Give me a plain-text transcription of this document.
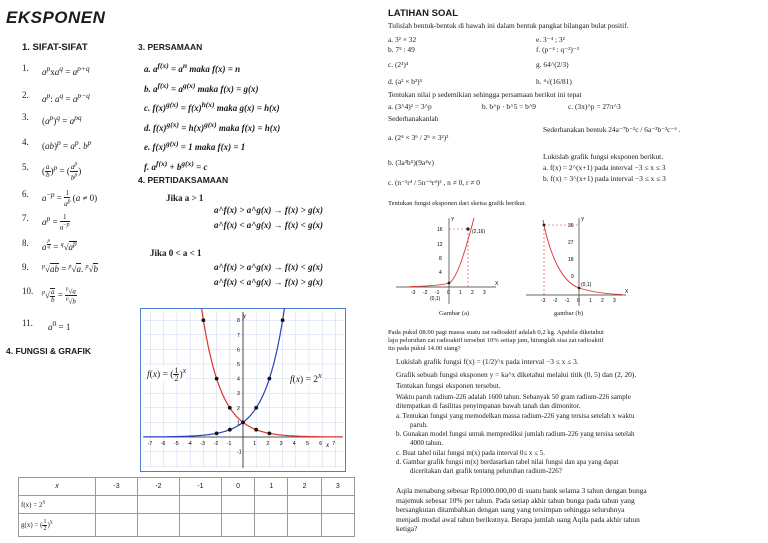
EKSPONEN
1. SIFAT-SIFAT
1. $a^pxa^q = a^{p+q}$
2. $a^p$: $a^q = a^{p-q}$
3. $(a^p)^q = a^{pq}$
4. $(ab)^p = a^p$. $b^p$
5. ( $\frac{a}{b} )^p$ = ( $\frac{a^p}{b^p}$ )
6. $a^{-p} = \frac{1}{a^p} (a \ne 0)$
7. $a^p = \frac{1}{a^{-p}}$
8. a $^{\frac{p}{q}} = ^q√a^p$
9. $^p$√ab = $^p$√a. $^p$√b
10. $^p√ \frac{a}{b} = \frac{^p√a}{^p√b}$
11. $a^0 = 1$
4. FUNGSI & GRAFIK
3. PERSAMAAN
a. $a^{f(x)} = a^n$ maka f(x) = n
b. $a^{f(x)} = a^{g(x)}$ maka f(x) = g(x)
c. $f(x)^{g(x)} = f(x)^{h(x)}$ maka g(x) = h(x)
d. $f(x)^{g(x)} = h(x)^{g(x)}$ maka f(x) = h(x)
e. $f(x)^{g(x)} = 1$ maka f(x) = 1
f. $a^{f(x)} + b^{g(x)} = c$
4. PERTIDAKSAMAAN
Jika a > 1
a^f(x) > a^g(x) → f(x) > g(x)
a^f(x) < a^g(x) → f(x) < g(x)
Jika 0 < a < 1
a^f(x) > a^g(x) → f(x) < g(x)
a^f(x) < a^g(x) → f(x) > g(x)
-7 -6 -5 -4 -3 -2 -1	1 2 3 4 5 6 7
-1
1
2
3
4
5
6
7
8
x
y
f(x) = ( $\frac{1}{2} )^x$
$f(x) = 2^x$
x	-3	-2	-1	0	1	2	3
$f(x) = 2^x$							
g(x) = ( $\frac{1}{2} )^x$							
LATIHAN SOAL
Tulislah bentuk-bentuk di bawah ini dalam bentuk pangkat bilangan bulat positif.
a. 3² × 32
b. 7⁵ : 49
c. (2³)⁴
d. (a² × b³)⁵
e. 3⁻⁴ ; 3²
f. (p⁻⁴ : q⁻²)⁻³
g. 64^(2/3)
h. ⁴√(16/81)
Tentukan nilai p sedemikian sehingga persamaan berikut ini tepat
a. (3^4)² = 3^p	b. b^p · b^5 = b^9	c. (3π)^p = 27π^3
Sederhanakanlah
a. (2⁴ × 3⁶ / 2⁵ × 3²)³
b. (3a³b⁵)(9a⁴v)
c. (n⁻¹r⁴ / 5n⁻⁶r⁴)² , n ≠ 0, r ≠ 0
Sederhanakan bentuk 24a⁻⁷b⁻²c / 6a⁻²b⁻³c⁻⁶ .
Lukislah grafik fungsi eksponen berikut.
a. f(x) = 2^(x+1) pada interval −3 ≤ x ≤ 3
b. f(x) = 3^(x+1) pada interval −3 ≤ x ≤ 3
Tentukan fungsi eksponen dari sketsa grafik berikut.
(2,16)
(0,1)
16
12
8
4
-3 -2 -1 0 1 2 3
X
Y
Gambar (a)
(0,1)
36
27
18
9
-3 -2 -1 0 1 2 3
X
Y
gambar (b)
Pada pukul 08.00 pagi massa suatu zat radioaktif adalah 0,2 kg. Apabila diketahui
laju peluruhan zat radioaktif tersebut 10% setiap jam, hitunglah sisa zat radioaktif
itu pada pukul 14.00 siang?
Lukislah grafik fungsi f(x) = (1/2)^x pada interval −3 ≤ x ≤ 3.
Grafik sebuah fungsi eksponen y = ka^x diketahui melalui titik (0, 5) dan (2, 20).
Tentukan fungsi eksponen tersebut.
Waktu paruh radium-226 adalah 1600 tahun. Sebanyak 50 gram radium-226 sample
ditempatkan di fasilitas penyimpanan bawah tanah dan dimonitor.
a. Tentukan fungsi yang memodelkan massa radium-226 yang tersisa setelah x waktu
paruh.
b. Gunakan model fungsi untuk memprediksi jumlah radium-226 yang tersisa setelah
4000 tahun.
c. Buat tabel nilai fungsi m(x) pada interval 0≤ x ≤ 5.
d. Gambar grafik fungsi m(x) berdasarkan tabel nilai fungsi dan apa yang dapat
diceritakan dari grafik tentang peluruhan radium-226?
Aqila menabung sebesar Rp1000.000,00 di suatu bank selama 3 tahun dengan bunga
majemuk sebesar 10% per tahun. Pada setiap akhir tahun bunga pada tahun yang
bersangkutan ditambahkan dengan uang yang tersimpan sehingga seluruhnya
menjadi modal awal tahun berikutnya. Berapa jumlah uang Aqila pada akhir tahun
ketiga?
